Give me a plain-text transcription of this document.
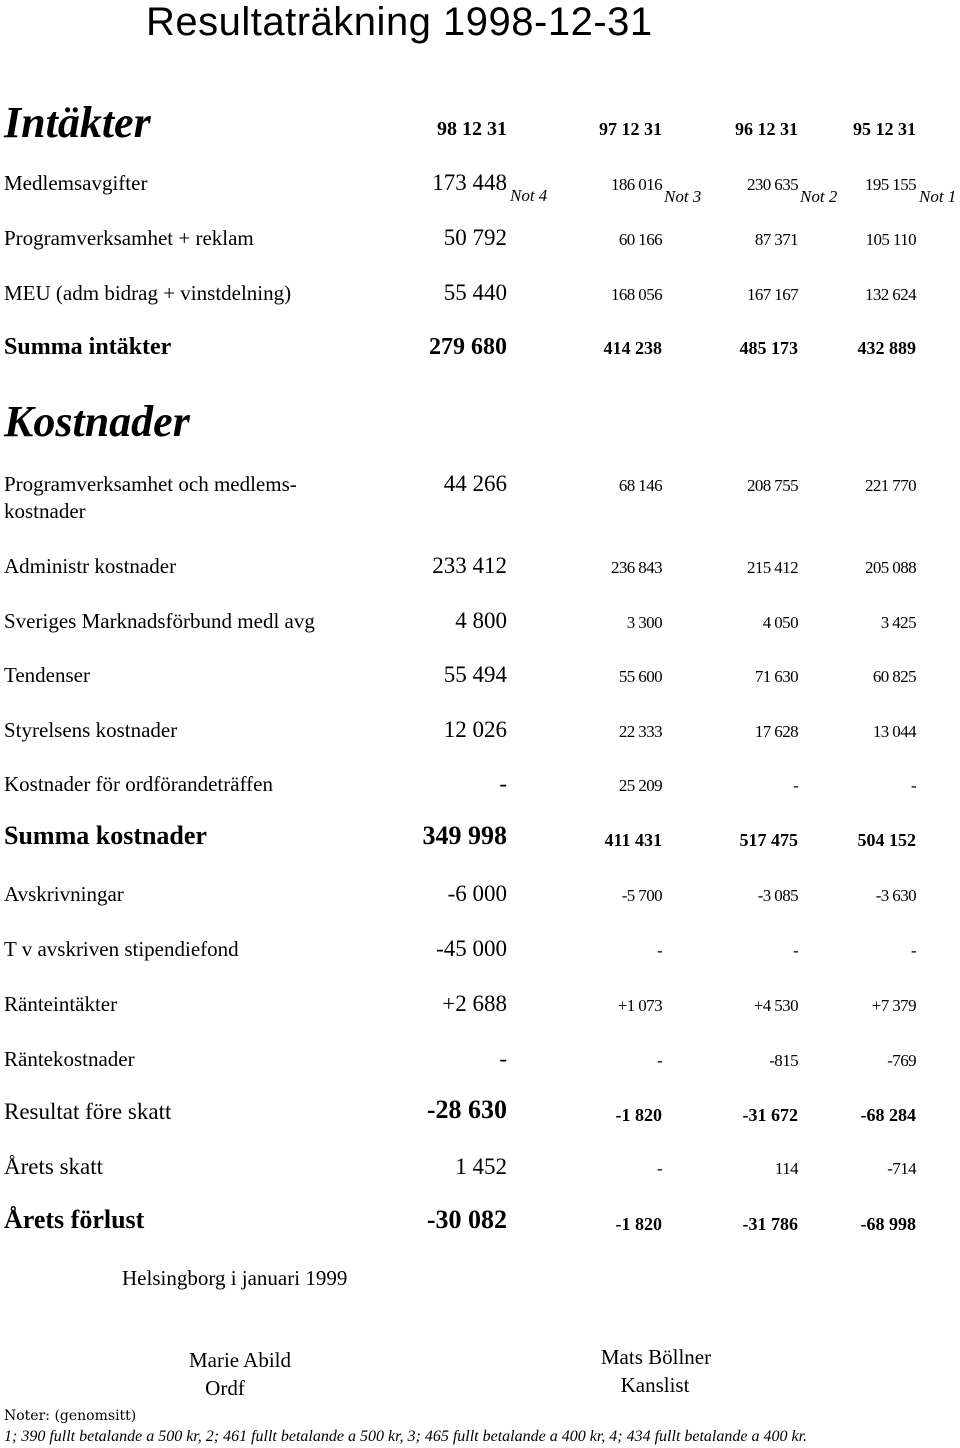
Resultaträkning 1998-12-31
Intäkter	98 12 31	97 12 31	96 12 31	95 12 31
Medlemsavgifter	173 448	186 016	230 635	195 155
Not 4	Not 3	Not 2	Not 1
Programverksamhet + reklam	50 792	60 166	87 371	105 110
MEU (adm bidrag + vinstdelning)	55 440	168 056	167 167	132 624
Summa intäkter	279 680	414 238	485 173	432 889
Kostnader
Programverksamhet och medlems-
kostnader
44 266	68 146	208 755	221 770
Administr kostnader	233 412	236 843	215 412	205 088
Sveriges Marknadsförbund medl avg	4 800	3 300	4 050	3 425
Tendenser	55 494	55 600	71 630	60 825
Styrelsens kostnader	12 026	22 333	17 628	13 044
Kostnader för ordförandeträffen	-	25 209	-	-
Summa kostnader	349 998	411 431	517 475	504 152
Avskrivningar	-6 000	-5 700	-3 085	-3 630
T v avskriven stipendiefond	-45 000	-	-	-
Ränteintäkter	+2 688	+1 073	+4 530	+7 379
Räntekostnader	-	-	-815	-769
Resultat före skatt	-28 630	-1 820	-31 672	-68 284
Årets skatt	1 452	-	114	-714
Årets förlust	-30 082	-1 820	-31 786	-68 998
Helsingborg i januari 1999
Marie Abild
Ordf
Mats Böllner
Kanslist
Noter: (genomsitt)
1; 390 fullt betalande a 500 kr, 2; 461 fullt betalande a 500 kr, 3; 465 fullt betalande a 400 kr, 4; 434 fullt betalande a 400 kr.
